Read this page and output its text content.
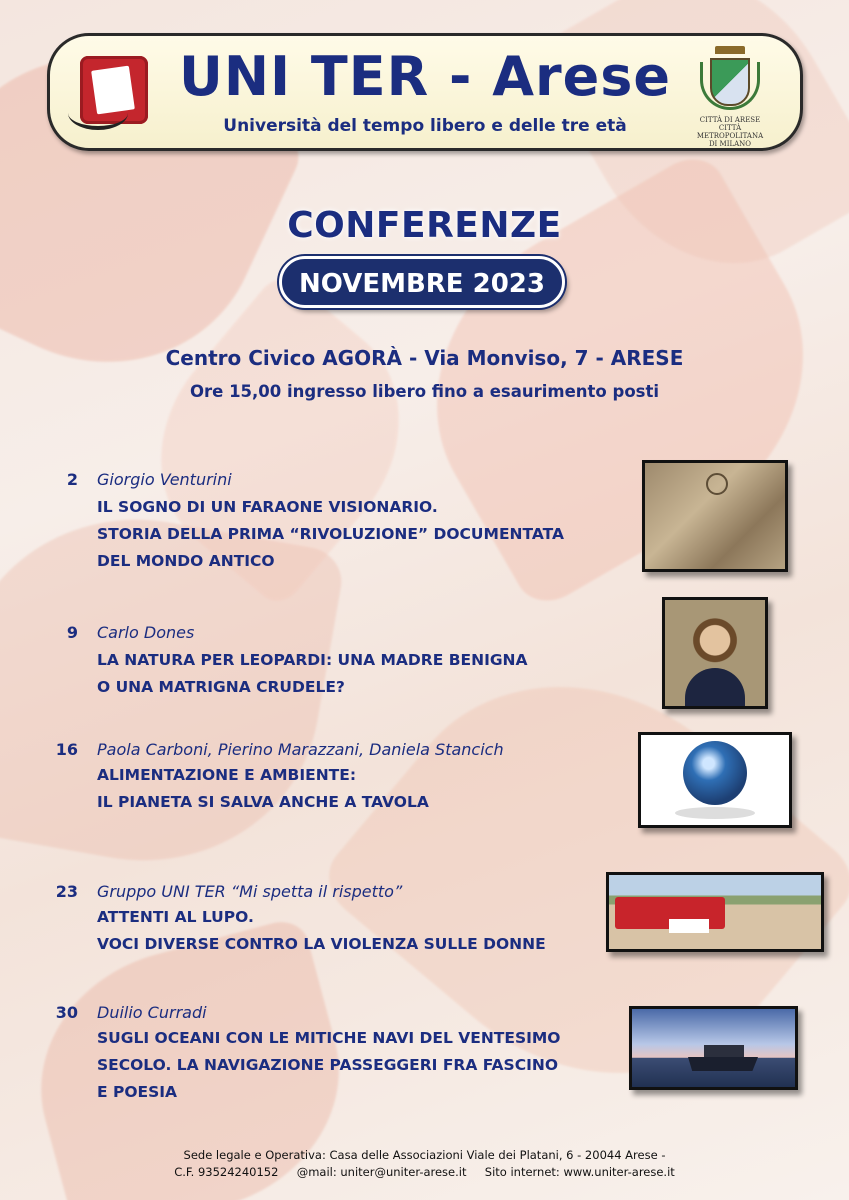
UNI TER - Arese
Università del tempo libero e delle tre età	CITTÀ DI ARESE
CITTÀ METROPOLITANA
DI MILANO
CONFERENZE
NOVEMBRE 2023
Centro Civico AGORÀ - Via Monviso, 7 - ARESE
Ore 15,00 ingresso libero fino a esaurimento posti
2 Giorgio Venturini
IL SOGNO DI UN FARAONE VISIONARIO.
STORIA DELLA PRIMA “RIVOLUZIONE” DOCUMENTATA
DEL MONDO ANTICO
9 Carlo Dones
LA NATURA PER LEOPARDI: UNA MADRE BENIGNA
O UNA MATRIGNA CRUDELE?
16 Paola Carboni, Pierino Marazzani, Daniela Stancich
ALIMENTAZIONE E AMBIENTE:
IL PIANETA SI SALVA ANCHE A TAVOLA
23 Gruppo UNI TER “Mi spetta il rispetto”
ATTENTI AL LUPO.
VOCI DIVERSE CONTRO LA VIOLENZA SULLE DONNE
30 Duilio Curradi
SUGLI OCEANI CON LE MITICHE NAVI DEL VENTESIMO
SECOLO. LA NAVIGAZIONE PASSEGGERI FRA FASCINO
E POESIA
Sede legale e Operativa: Casa delle Associazioni Viale dei Platani, 6 - 20044 Arese -
C.F. 93524240152     @mail: uniter@uniter-arese.it     Sito internet: www.uniter-arese.it
